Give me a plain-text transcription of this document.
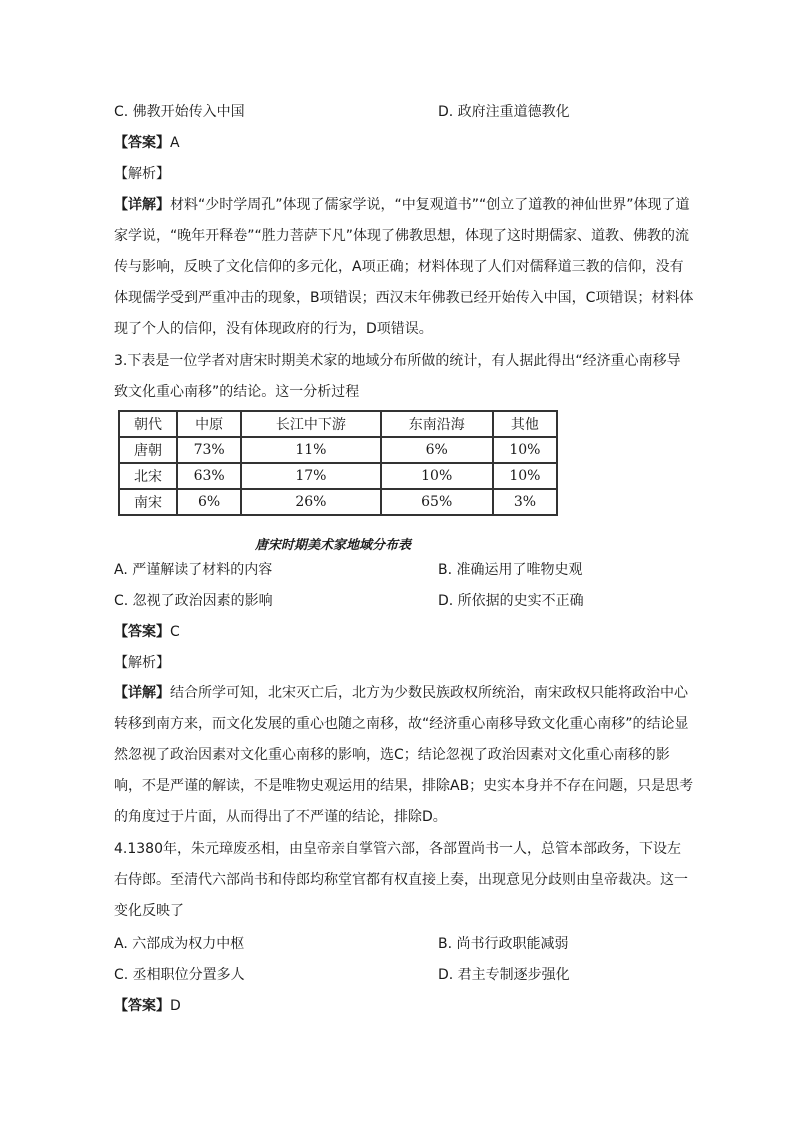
C. 佛教开始传入中国	D. 政府注重道德教化
【答案】A
【解析】
【详解】材料“少时学周孔”体现了儒家学说，“中复观道书”“创立了道教的神仙世界”体现了道家学说，“晚年开释卷”“胜力菩萨下凡”体现了佛教思想，体现了这时期儒家、道教、佛教的流传与影响，反映了文化信仰的多元化，A项正确；材料体现了人们对儒释道三教的信仰，没有体现儒学受到严重冲击的现象，B项错误；西汉末年佛教已经开始传入中国，C项错误；材料体现了个人的信仰，没有体现政府的行为，D项错误。
3.下表是一位学者对唐宋时期美术家的地域分布所做的统计，有人据此得出“经济重心南移导致文化重心南移”的结论。这一分析过程
朝代	中原	长江中下游	东南沿海	其他
唐朝	73%	11%	6%	10%
北宋	63%	17%	10%	10%
南宋	6%	26%	65%	3%
唐宋时期美术家地域分布表
A. 严谨解读了材料的内容	B. 准确运用了唯物史观
C. 忽视了政治因素的影响	D. 所依据的史实不正确
【答案】C
【解析】
【详解】结合所学可知，北宋灭亡后，北方为少数民族政权所统治，南宋政权只能将政治中心转移到南方来，而文化发展的重心也随之南移，故“经济重心南移导致文化重心南移”的结论显然忽视了政治因素对文化重心南移的影响，选C；结论忽视了政治因素对文化重心南移的影响，不是严谨的解读，不是唯物史观运用的结果，排除AB；史实本身并不存在问题，只是思考的角度过于片面，从而得出了不严谨的结论，排除D。
4.1380年，朱元璋废丞相，由皇帝亲自掌管六部，各部置尚书一人，总管本部政务，下设左右侍郎。至清代六部尚书和侍郎均称堂官都有权直接上奏，出现意见分歧则由皇帝裁决。这一变化反映了
A. 六部成为权力中枢	B. 尚书行政职能减弱
C. 丞相职位分置多人	D. 君主专制逐步强化
【答案】D
